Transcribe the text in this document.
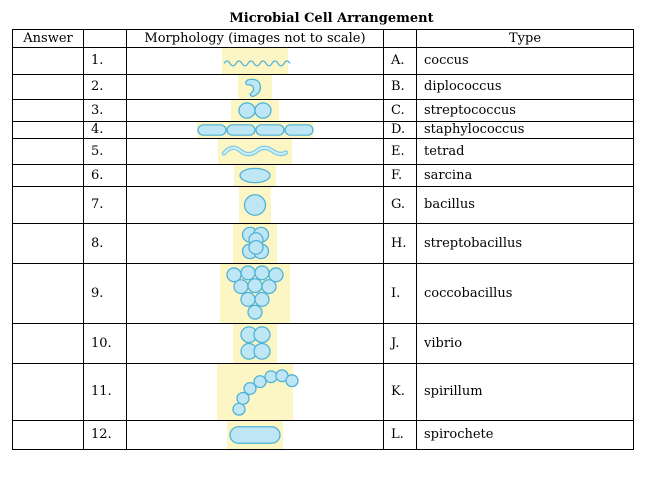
Microbial Cell Arrangement
Answer		Morphology (images not to scale)		Type
	1.		A.	coccus
	2.		B.	diplococcus
	3.		C.	streptococcus
	4.		D.	staphylococcus
	5.		E.	tetrad
	6.		F.	sarcina
	7.		G.	bacillus
	8.		H.	streptobacillus
	9.		I.	coccobacillus
	10.		J.	vibrio
	11.		K.	spirillum
	12.		L.	spirochete
